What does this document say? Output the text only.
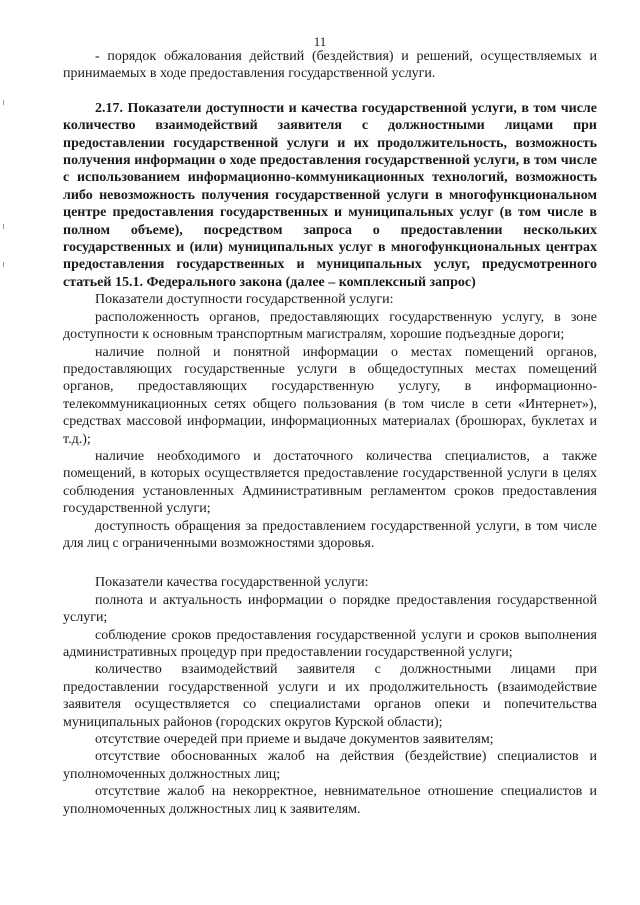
11

- порядок обжалования действий (бездействия) и решений, осуществляемых и принимаемых в ходе предоставления государственной услуги.

2.17. Показатели доступности и качества государственной услуги, в том числе количество взаимодействий заявителя с должностными лицами при предоставлении государственной услуги и их продолжительность, возможность получения информации о ходе предоставления государственной услуги, в том числе с использованием информационно-коммуникационных технологий, возможность либо невозможность получения государственной услуги в многофункциональном центре предоставления государственных и муниципальных услуг (в том числе в полном объеме), посредством запроса о предоставлении нескольких государственных и (или) муниципальных услуг в многофункциональных центрах предоставления государственных и муниципальных услуг, предусмотренного статьей 15.1. Федерального закона (далее – комплексный запрос)

Показатели доступности государственной услуги:

расположенность органов, предоставляющих государственную услугу, в зоне доступности к основным транспортным магистралям, хорошие подъездные дороги;

наличие полной и понятной информации о местах помещений органов, предоставляющих государственные услуги в общедоступных местах помещений органов, предоставляющих государственную услугу, в информационно-телекоммуникационных сетях общего пользования (в том числе в сети «Интернет»), средствах массовой информации, информационных материалах (брошюрах, буклетах и т.д.);

наличие необходимого и достаточного количества специалистов, а также помещений, в которых осуществляется предоставление государственной услуги в целях соблюдения установленных Административным регламентом сроков предоставления государственной услуги;

доступность обращения за предоставлением государственной услуги, в том числе для лиц с ограниченными возможностями здоровья.

Показатели качества государственной услуги:

полнота и актуальность информации о порядке предоставления государственной услуги;

соблюдение сроков предоставления государственной услуги и сроков выполнения административных процедур при предоставлении государственной услуги;

количество взаимодействий заявителя с должностными лицами при предоставлении государственной услуги и их продолжительность (взаимодействие заявителя осуществляется со специалистами органов опеки и попечительства муниципальных районов (городских округов Курской области);

отсутствие очередей при приеме и выдаче документов заявителям;

отсутствие обоснованных жалоб на действия (бездействие) специалистов и уполномоченных должностных лиц;

отсутствие жалоб на некорректное, невнимательное отношение специалистов и уполномоченных должностных лиц к заявителям.
